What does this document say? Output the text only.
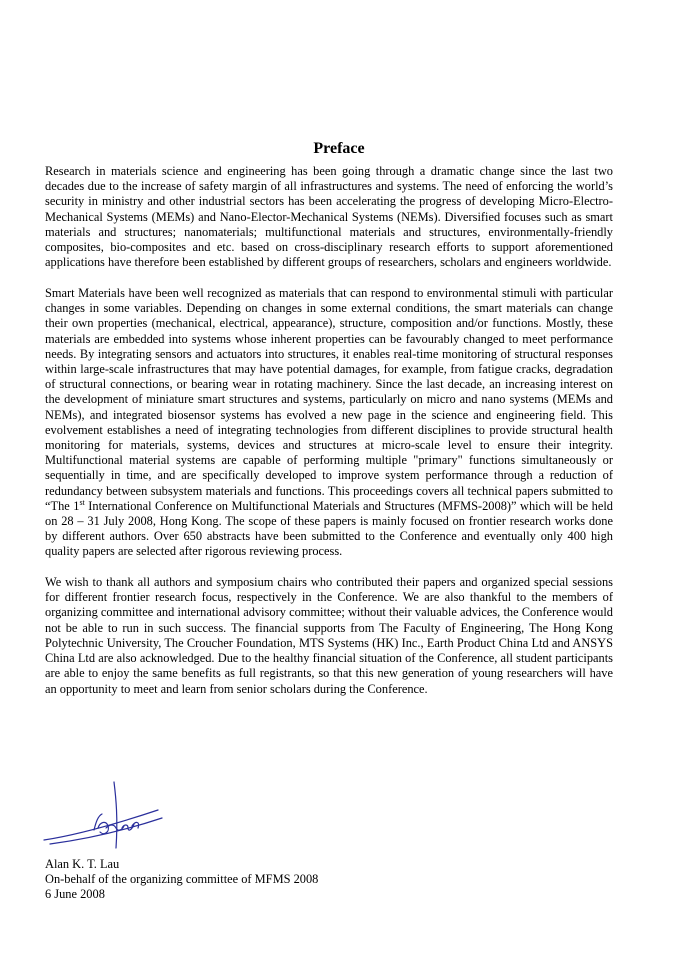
Preface

Research in materials science and engineering has been going through a dramatic change since the last two decades due to the increase of safety margin of all infrastructures and systems. The need of enforcing the world’s security in ministry and other industrial sectors has been accelerating the progress of developing Micro-Electro-Mechanical Systems (MEMs) and Nano-Elector-Mechanical Systems (NEMs). Diversified focuses such as smart materials and structures; nanomaterials; multifunctional materials and structures, environmentally-friendly composites, bio-composites and etc. based on cross-disciplinary research efforts to support aforementioned applications have therefore been established by different groups of researchers, scholars and engineers worldwide.

Smart Materials have been well recognized as materials that can respond to environmental stimuli with particular changes in some variables. Depending on changes in some external conditions, the smart materials can change their own properties (mechanical, electrical, appearance), structure, composition and/or functions. Mostly, these materials are embedded into systems whose inherent properties can be favourably changed to meet performance needs. By integrating sensors and actuators into structures, it enables real-time monitoring of structural responses within large-scale infrastructures that may have potential damages, for example, from fatigue cracks, degradation of structural connections, or bearing wear in rotating machinery. Since the last decade, an increasing interest on the development of miniature smart structures and systems, particularly on micro and nano systems (MEMs and NEMs), and integrated biosensor systems has evolved a new page in the science and engineering field. This evolvement establishes a need of integrating technologies from different disciplines to provide structural health monitoring for materials, systems, devices and structures at micro-scale level to ensure their integrity. Multifunctional material systems are capable of performing multiple "primary" functions simultaneously or sequentially in time, and are specifically developed to improve system performance through a reduction of redundancy between subsystem materials and functions. This proceedings covers all technical papers submitted to “The 1st International Conference on Multifunctional Materials and Structures (MFMS-2008)” which will be held on 28 – 31 July 2008, Hong Kong. The scope of these papers is mainly focused on frontier research works done by different authors. Over 650 abstracts have been submitted to the Conference and eventually only 400 high quality papers are selected after rigorous reviewing process.

We wish to thank all authors and symposium chairs who contributed their papers and organized special sessions for different frontier research focus, respectively in the Conference. We are also thankful to the members of organizing committee and international advisory committee; without their valuable advices, the Conference would not be able to run in such success. The financial supports from The Faculty of Engineering, The Hong Kong Polytechnic University, The Croucher Foundation, MTS Systems (HK) Inc., Earth Product China Ltd and ANSYS China Ltd are also acknowledged. Due to the healthy financial situation of the Conference, all student participants are able to enjoy the same benefits as full registrants, so that this new generation of young researchers will have an opportunity to meet and learn from senior scholars during the Conference.

Alan K. T. Lau
On-behalf of the organizing committee of MFMS 2008
6 June 2008
